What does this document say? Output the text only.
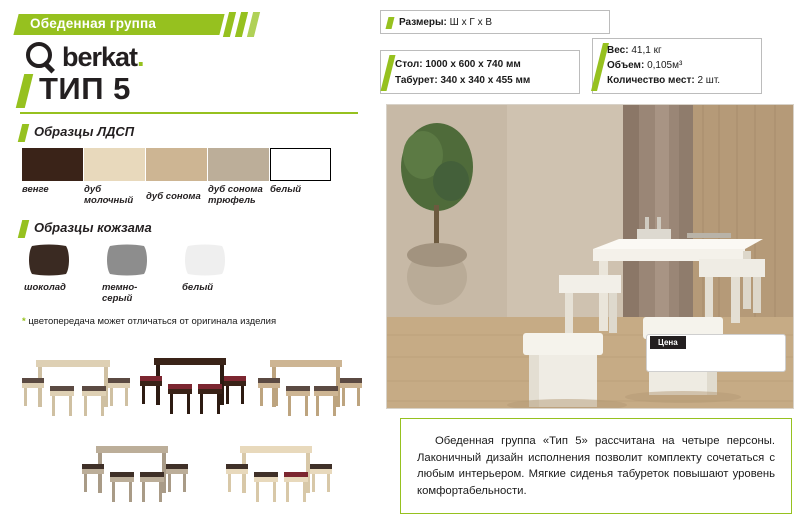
Обеденная группа
berkat .
ТИП 5
Образцы ЛДСП
венге	дуб
молочный	дуб сонома
дуб сонома
трюфель
белый
Образцы кожзама
шоколад	темно-
серый
белый
* цветопередача может отличаться от оригинала изделия
Размеры: Ш х Г х В
Стол: 1000 x 600 x 740 мм
Табурет: 340 x 340 x 455 мм
Вес: 41,1 кг
Объем: 0,105м³
Количество мест: 2 шт.
Цена
Обеденная группа «Тип 5» рассчитана на четыре персоны. Лаконичный дизайн исполнения позволит комплекту сочетаться с любым интерьером. Мягкие сиденья табуреток повышают уровень комфортабельности.
